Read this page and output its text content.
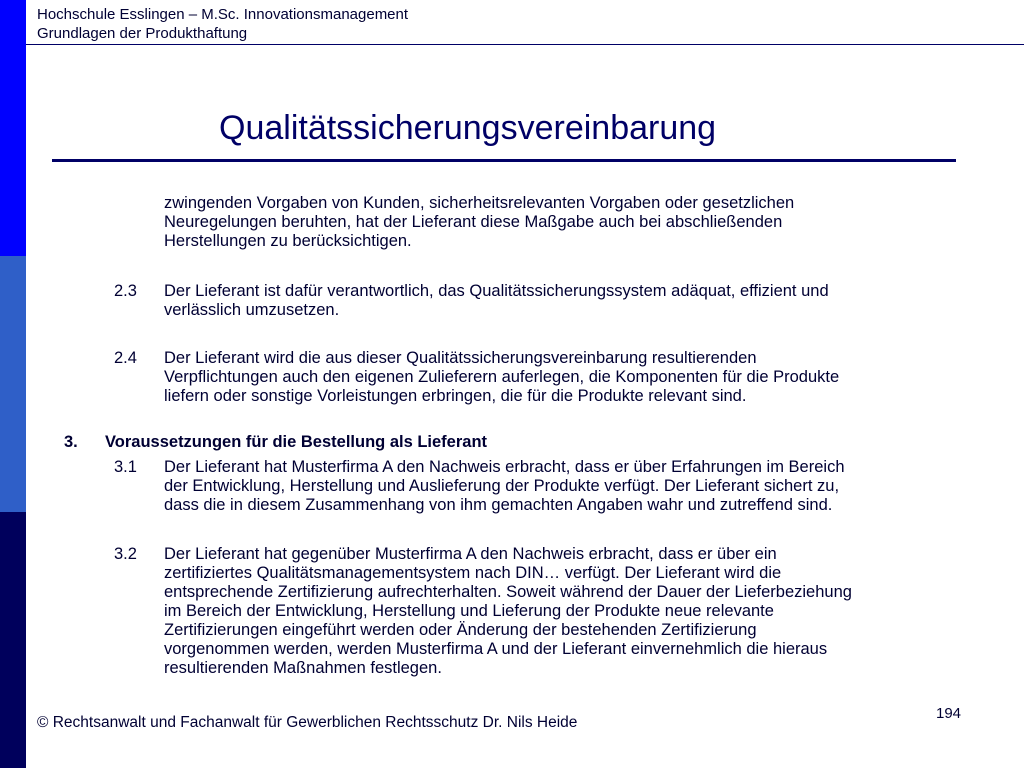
Hochschule Esslingen – M.Sc. Innovationsmanagement
Grundlagen der Produkthaftung
Qualitätssicherungsvereinbarung
zwingenden Vorgaben von Kunden, sicherheitsrelevanten Vorgaben oder gesetzlichen
Neuregelungen beruhten, hat der Lieferant diese Maßgabe auch bei abschließenden
Herstellungen zu berücksichtigen.
2.3 Der Lieferant ist dafür verantwortlich, das Qualitätssicherungssystem adäquat, effizient und
verlässlich umzusetzen.
2.4 Der Lieferant wird die aus dieser Qualitätssicherungsvereinbarung resultierenden
Verpflichtungen auch den eigenen Zulieferern auferlegen, die Komponenten für die Produkte
liefern oder sonstige Vorleistungen erbringen, die für die Produkte relevant sind.
3. Voraussetzungen für die Bestellung als Lieferant
3.1 Der Lieferant hat Musterfirma A den Nachweis erbracht, dass er über Erfahrungen im Bereich
der Entwicklung, Herstellung und Auslieferung der Produkte verfügt. Der Lieferant sichert zu,
dass die in diesem Zusammenhang von ihm gemachten Angaben wahr und zutreffend sind.
3.2 Der Lieferant hat gegenüber Musterfirma A den Nachweis erbracht, dass er über ein
zertifiziertes Qualitätsmanagementsystem nach DIN… verfügt. Der Lieferant wird die
entsprechende Zertifizierung aufrechterhalten. Soweit während der Dauer der Lieferbeziehung
im Bereich der Entwicklung, Herstellung und Lieferung der Produkte neue relevante
Zertifizierungen eingeführt werden oder Änderung der bestehenden Zertifizierung
vorgenommen werden, werden Musterfirma A und der Lieferant einvernehmlich die hieraus
resultierenden Maßnahmen festlegen.
194
© Rechtsanwalt und Fachanwalt für Gewerblichen Rechtsschutz Dr. Nils Heide
